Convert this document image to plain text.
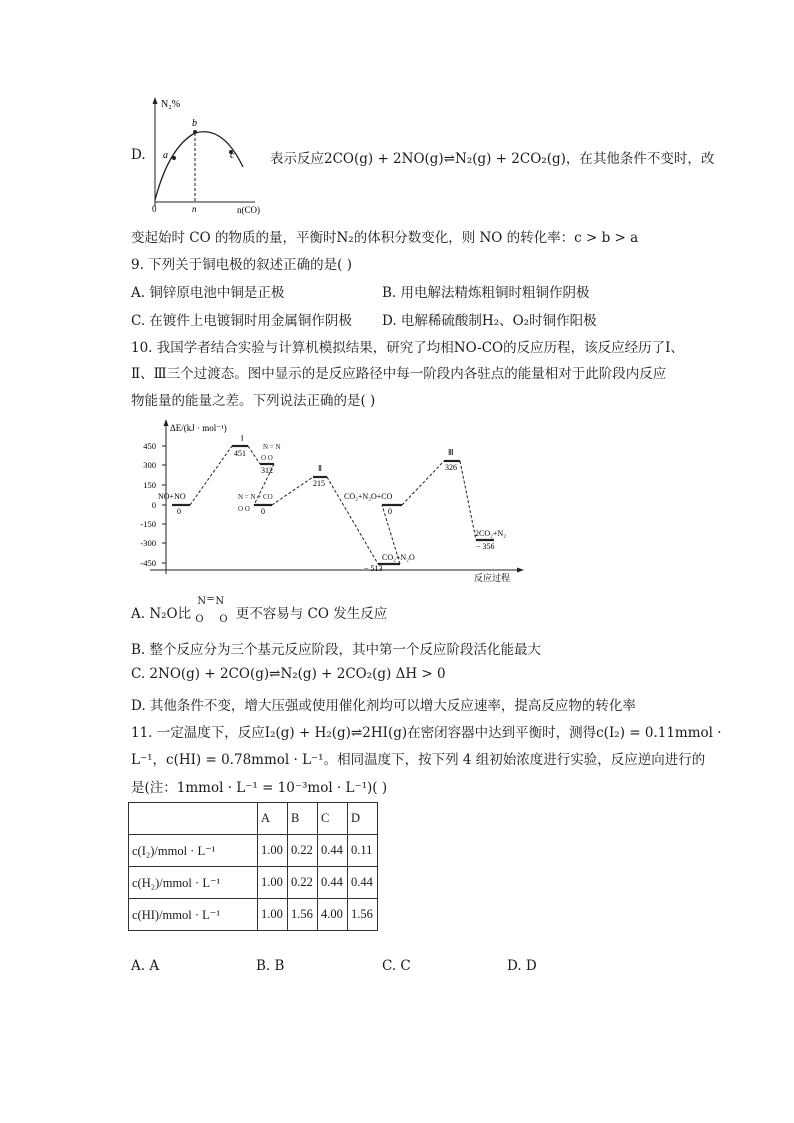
D.
N₂%
a
b
c
0	n	n(CO)
表示反应2CO(g) + 2NO(g)⇌N₂(g) + 2CO₂(g)，在其他条件不变时，改
变起始时 CO 的物质的量，平衡时N₂的体积分数变化，则 NO 的转化率：c > b > a
9. 下列关于铜电极的叙述正确的是( )
A. 铜锌原电池中铜是正极	B. 用电解法精炼粗铜时粗铜作阴极
C. 在镀件上电镀铜时用金属铜作阴极 D. 电解稀硫酸制H₂、O₂时铜作阳极
10. 我国学者结合实验与计算机模拟结果，研究了均相NO-CO的反应历程，该反应经历了Ⅰ、
Ⅱ、Ⅲ三个过渡态。图中显示的是反应路径中每一阶段内各驻点的能量相对于此阶段内反应
物能量的能量之差。下列说法正确的是( )
ΔE/(kJ · mol⁻¹)
反应过程
450
300
150
0
-150
-300
-450
NO+NO
0
Ⅰ
451
312
0
Ⅱ
215
CO₂+N₂O+CO
0
CO₂+N₂O
− 513
Ⅲ
326
2CO₂+N₂
− 356
N = N
O O
N = N + CO
O O
A. N₂O比
N = N
O O 更不容易与 CO 发生反应
B. 整个反应分为三个基元反应阶段，其中第一个反应阶段活化能最大
C. 2NO(g) + 2CO(g)⇌N₂(g) + 2CO₂(g) ΔH > 0
D. 其他条件不变，增大压强或使用催化剂均可以增大反应速率，提高反应物的转化率
11. 一定温度下，反应I₂(g) + H₂(g)⇌2HI(g)在密闭容器中达到平衡时，测得c(I₂) = 0.11mmol ·
L⁻¹，c(HI) = 0.78mmol · L⁻¹。相同温度下，按下列 4 组初始浓度进行实验，反应逆向进行的
是(注：1mmol · L⁻¹ = 10⁻³mol · L⁻¹)( )
	A	B	C	D
c(I₂)/mmol · L⁻¹	1.00	0.22	0.44	0.11
c(H₂)/mmol · L⁻¹	1.00	0.22	0.44	0.44
c(HI)/mmol · L⁻¹	1.00	1.56	4.00	1.56
A. A	B. B	C. C	D. D
